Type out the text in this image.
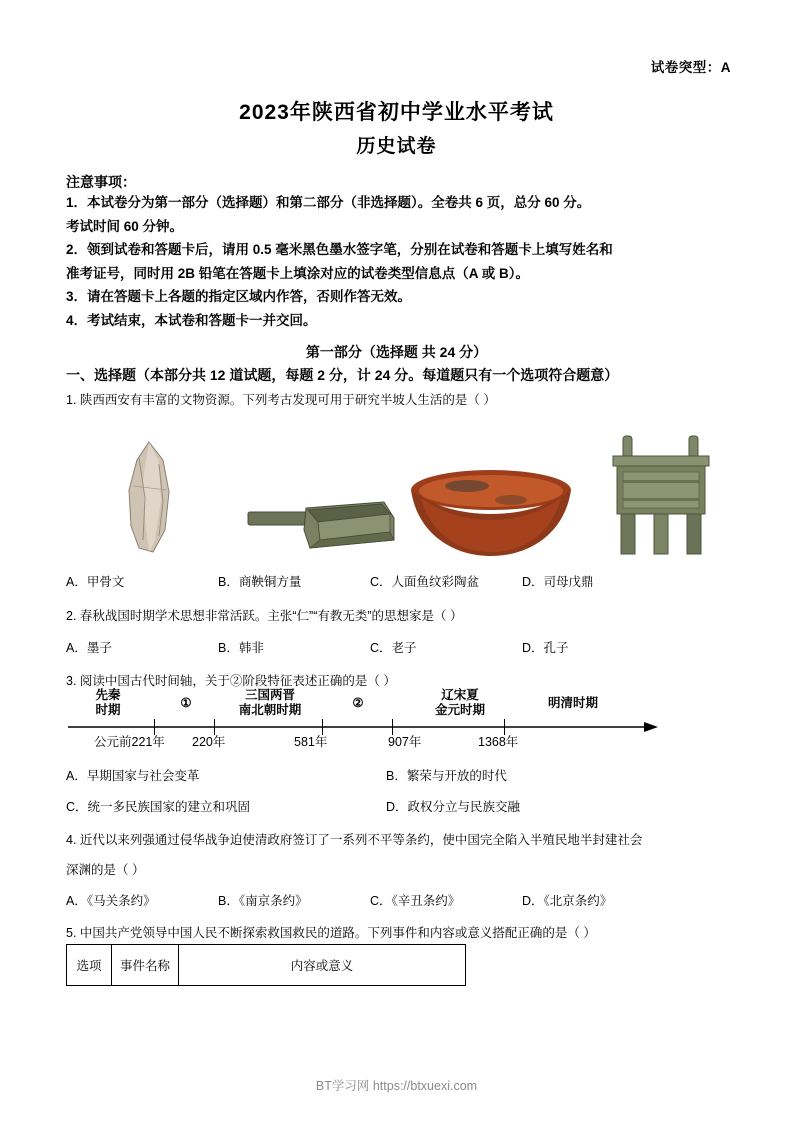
试卷突型：A
2023年陕西省初中学业水平考试
历史试卷
注意事项：
1．本试卷分为第一部分（选择题）和第二部分（非选择题）。全卷共 6 页，总分 60 分。
考试时间 60 分钟。
2．领到试卷和答题卡后，请用 0.5 毫米黑色墨水签字笔，分别在试卷和答题卡上填写姓名和
准考证号，同时用 2B 铅笔在答题卡上填涂对应的试卷类型信息点（A 或 B）。
3．请在答题卡上各题的指定区域内作答，否则作答无效。
4．考试结束，本试卷和答题卡一并交回。
第一部分（选择题 共 24 分）
一、选择题（本部分共 12 道试题，每题 2 分，计 24 分。每道题只有一个选项符合题意）
1. 陕西西安有丰富的文物资源。下列考古发现可用于研究半坡人生活的是（ ）
A．甲骨文	B．商鞅铜方量	C．人面鱼纹彩陶盆	D．司母戊鼎
2. 春秋战国时期学术思想非常活跃。主张“仁”“有教无类”的思想家是（ ）
A．墨子	B．韩非	C．老子	D．孔子
3. 阅读中国古代时间轴，关于②阶段特征表述正确的是（ ）
先秦
时期	①
三国两晋
南北朝时期	②
辽宋夏
金元时期	明清时期
公元前221年 220年	581年	907年	1368年
A．早期国家与社会变革	B．繁荣与开放的时代
C．统一多民族国家的建立和巩固	D．政权分立与民族交融
4. 近代以来列强通过侵华战争迫使清政府签订了一系列不平等条约，使中国完全陷入半殖民地半封建社会
深渊的是（ ）
A．《马关条约》	B．《南京条约》	C．《辛丑条约》	D．《北京条约》
5. 中国共产党领导中国人民不断探索救国救民的道路。下列事件和内容或意义搭配正确的是（ ）
选项	事件名称	内容或意义
BT学习网 https://btxuexi.com
